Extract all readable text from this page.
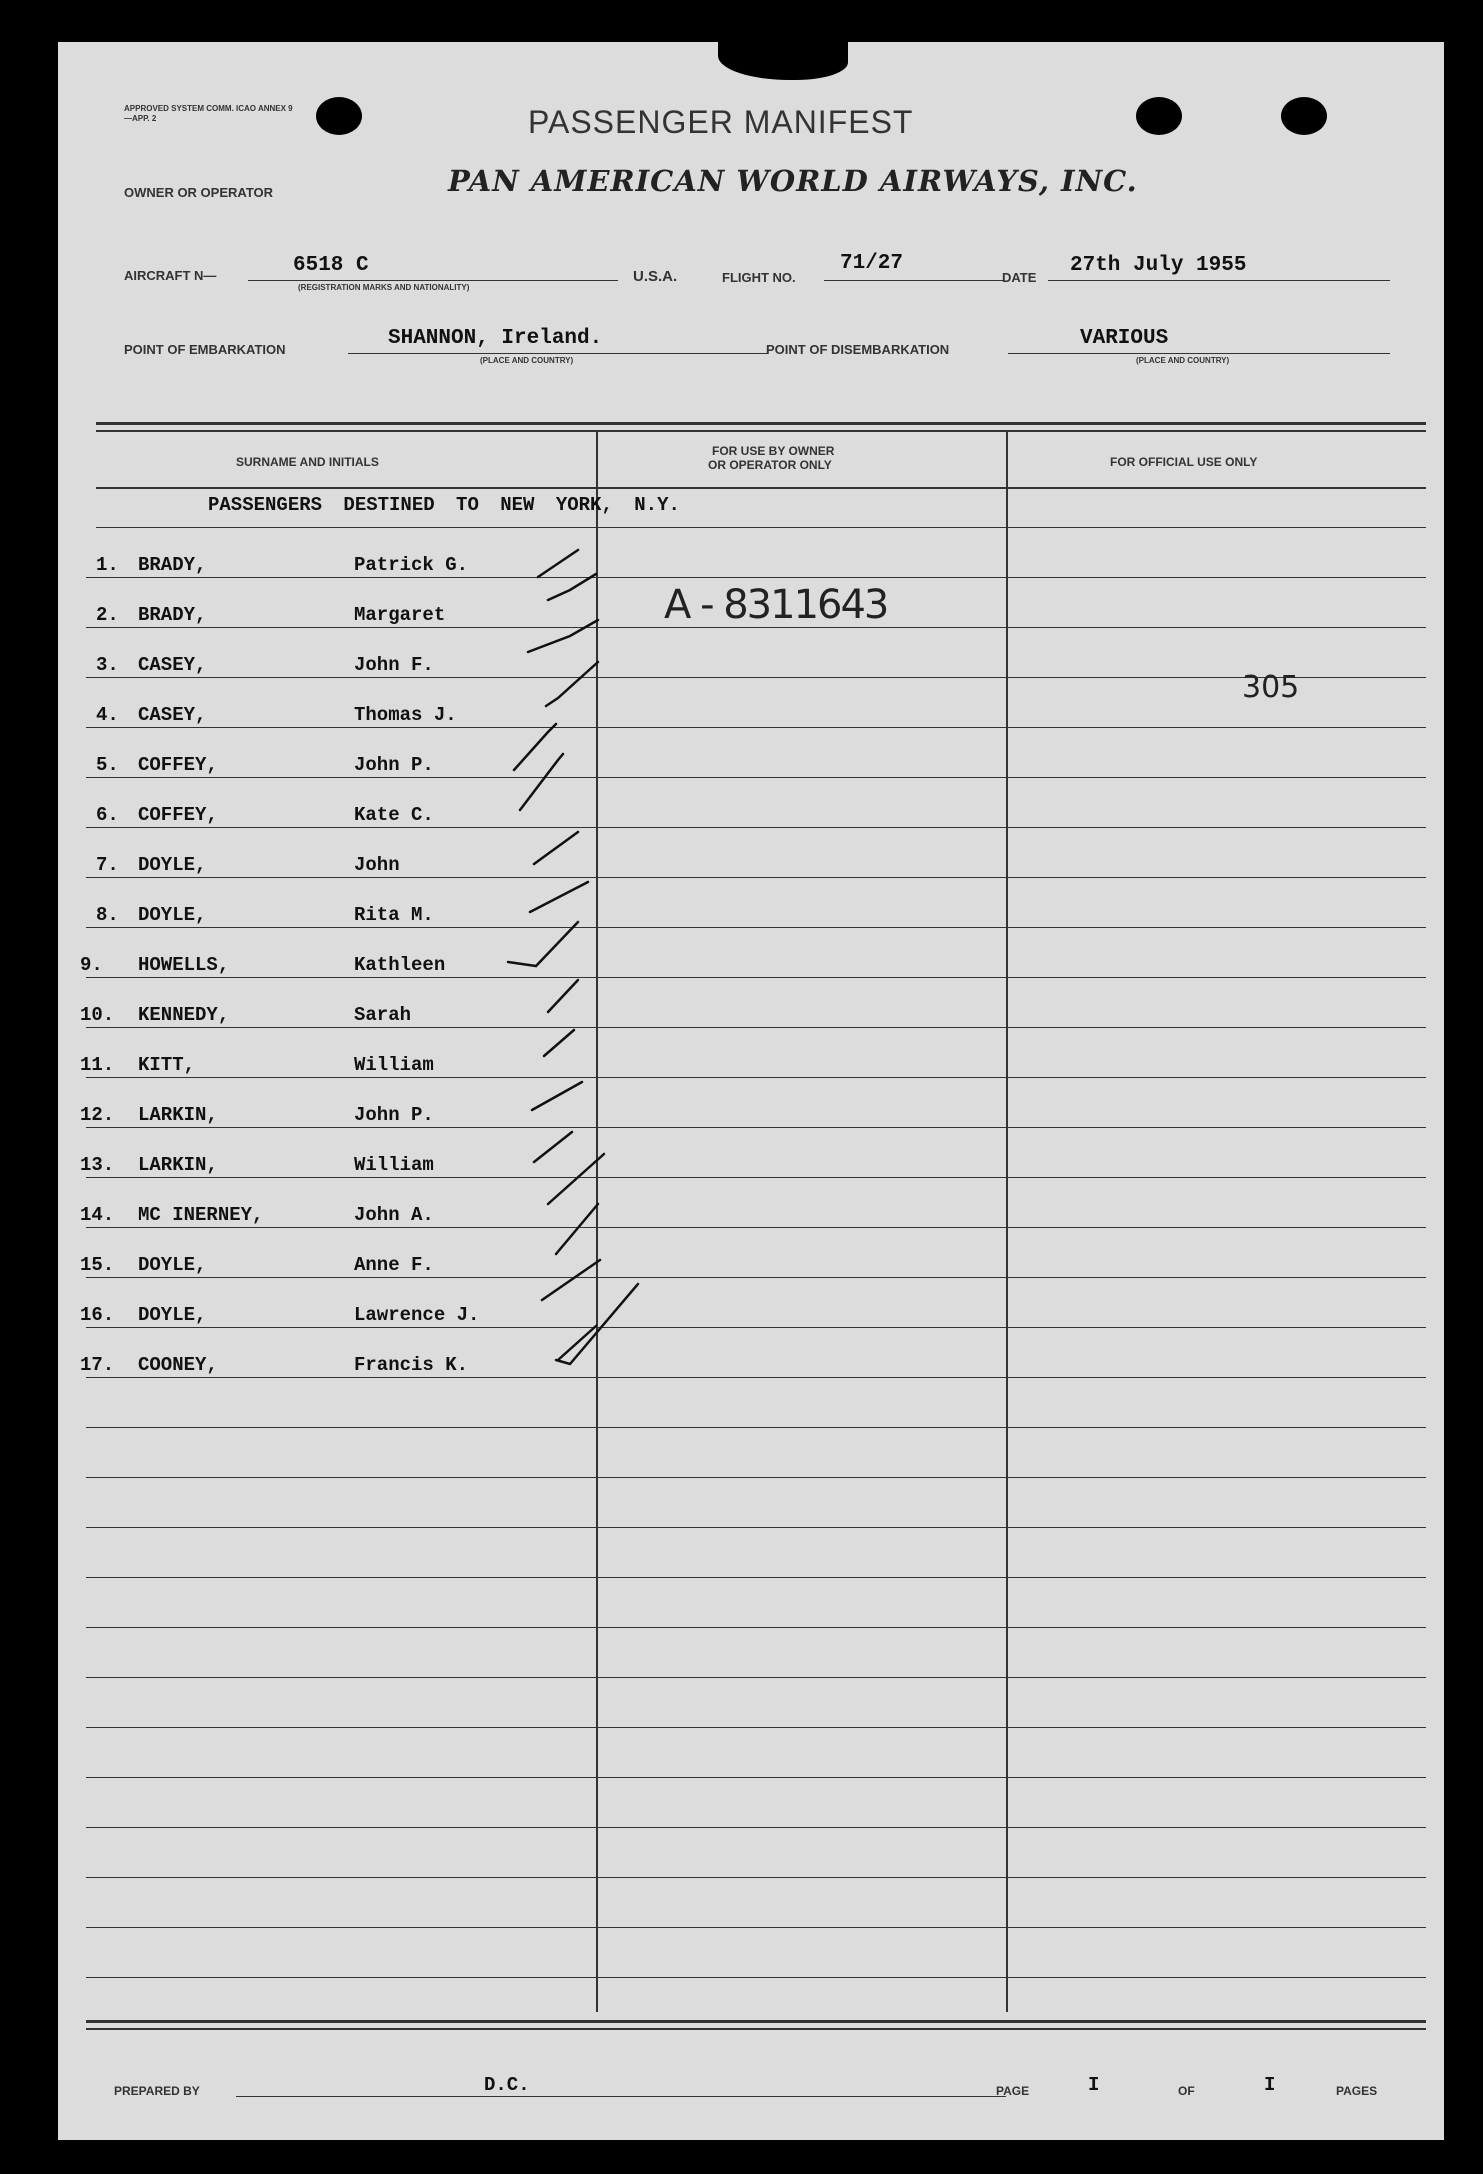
APPROVED SYSTEM COMM. ICAO ANNEX 9—APP. 2	PASSENGER MANIFEST
OWNER OR OPERATOR	PAN AMERICAN WORLD AIRWAYS, INC.
AIRCRAFT N—	6518 C
(REGISTRATION MARKS AND NATIONALITY)
U.S.A.	FLIGHT NO.
71/27
DATE
27th July 1955
POINT OF EMBARKATION	SHANNON, Ireland.
(PLACE AND COUNTRY)
POINT OF DISEMBARKATION	VARIOUS
(PLACE AND COUNTRY)
SURNAME AND INITIALS
FOR USE BY OWNER
OR OPERATOR ONLY	FOR OFFICIAL USE ONLY
PASSENGERS DESTINED TO NEW YORK, N.Y.
1. BRADY,	Patrick G.
2. BRADY,	Margaret
3. CASEY,	John F.
4. CASEY,	Thomas J.
5. COFFEY,	John P.
6. COFFEY,	Kate C.
7. DOYLE,	John
8. DOYLE,	Rita M.
9. HOWELLS,	Kathleen
10. KENNEDY,	Sarah
11. KITT,	William
12. LARKIN,	John P.
13. LARKIN,	William
14. MC INERNEY,	John A.
15. DOYLE,	Anne F.
16. DOYLE,	Lawrence J.
17. COONEY,	Francis K.
A - 8311643
305
PREPARED BY	D.C.	PAGE	I	OF	I	PAGES
